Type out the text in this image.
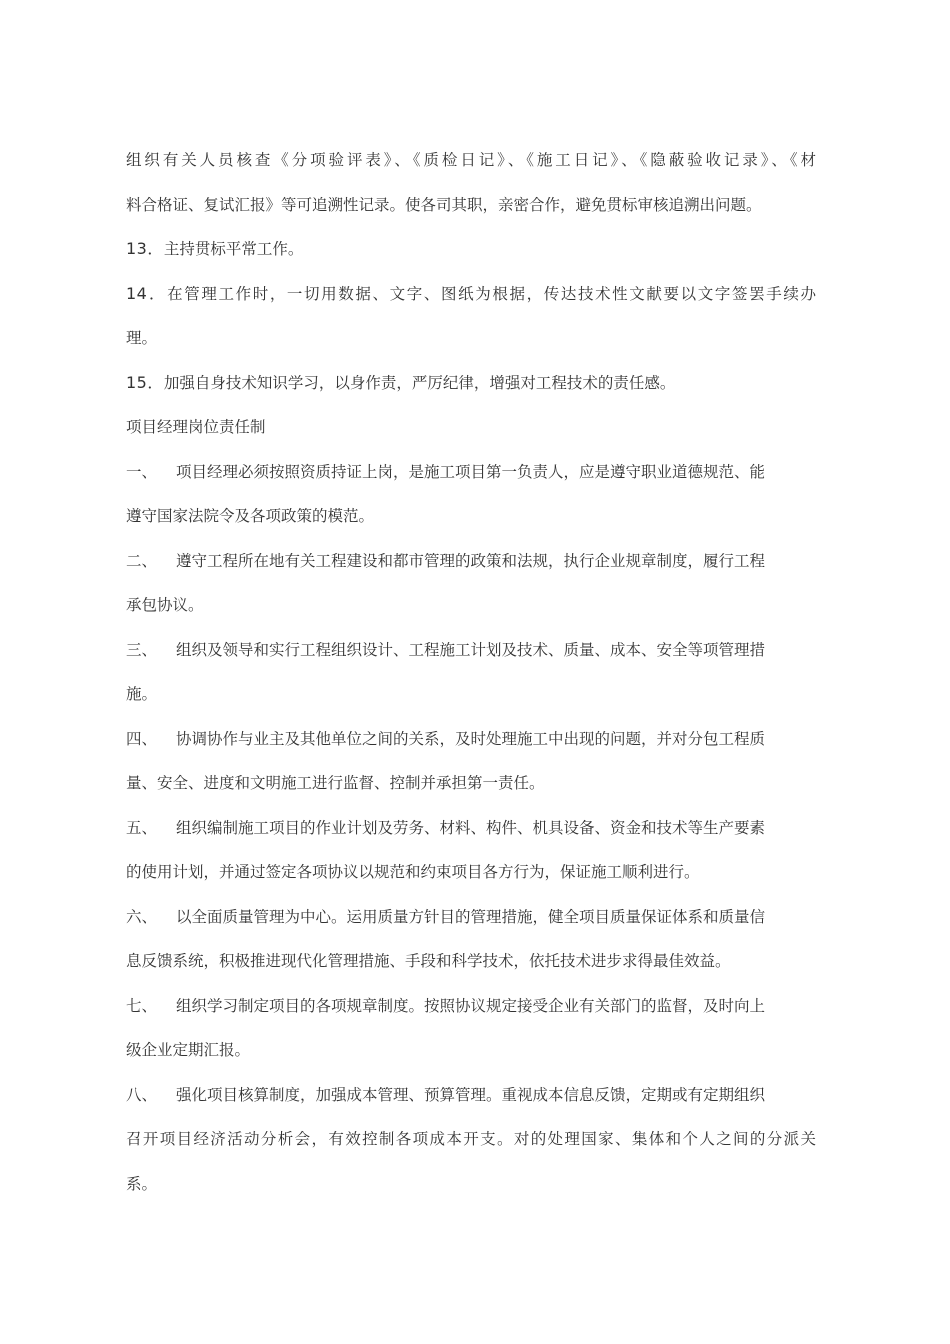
组织有关人员核查《分项验评表》、《质检日记》、《施工日记》、《隐蔽验收记录》、《材
料合格证、复试汇报》等可追溯性记录。使各司其职，亲密合作，避免贯标审核追溯出问题。
13．主持贯标平常工作。
14．在管理工作时，一切用数据、文字、图纸为根据，传达技术性文献要以文字签罢手续办
理。
15．加强自身技术知识学习，以身作责，严厉纪律，增强对工程技术的责任感。
项目经理岗位责任制
一、 项目经理必须按照资质持证上岗，是施工项目第一负责人，应是遵守职业道德规范、能
遵守国家法院令及各项政策的模范。
二、 遵守工程所在地有关工程建设和都市管理的政策和法规，执行企业规章制度，履行工程
承包协议。
三、 组织及领导和实行工程组织设计、工程施工计划及技术、质量、成本、安全等项管理措
施。
四、 协调协作与业主及其他单位之间的关系，及时处理施工中出现的问题，并对分包工程质
量、安全、进度和文明施工进行监督、控制并承担第一责任。
五、 组织编制施工项目的作业计划及劳务、材料、构件、机具设备、资金和技术等生产要素
的使用计划，并通过签定各项协议以规范和约束项目各方行为，保证施工顺利进行。
六、 以全面质量管理为中心。运用质量方针目的管理措施，健全项目质量保证体系和质量信
息反馈系统，积极推进现代化管理措施、手段和科学技术，依托技术进步求得最佳效益。
七、 组织学习制定项目的各项规章制度。按照协议规定接受企业有关部门的监督，及时向上
级企业定期汇报。
八、 强化项目核算制度，加强成本管理、预算管理。重视成本信息反馈，定期或有定期组织
召开项目经济活动分析会，有效控制各项成本开支。对的处理国家、集体和个人之间的分派关
系。
